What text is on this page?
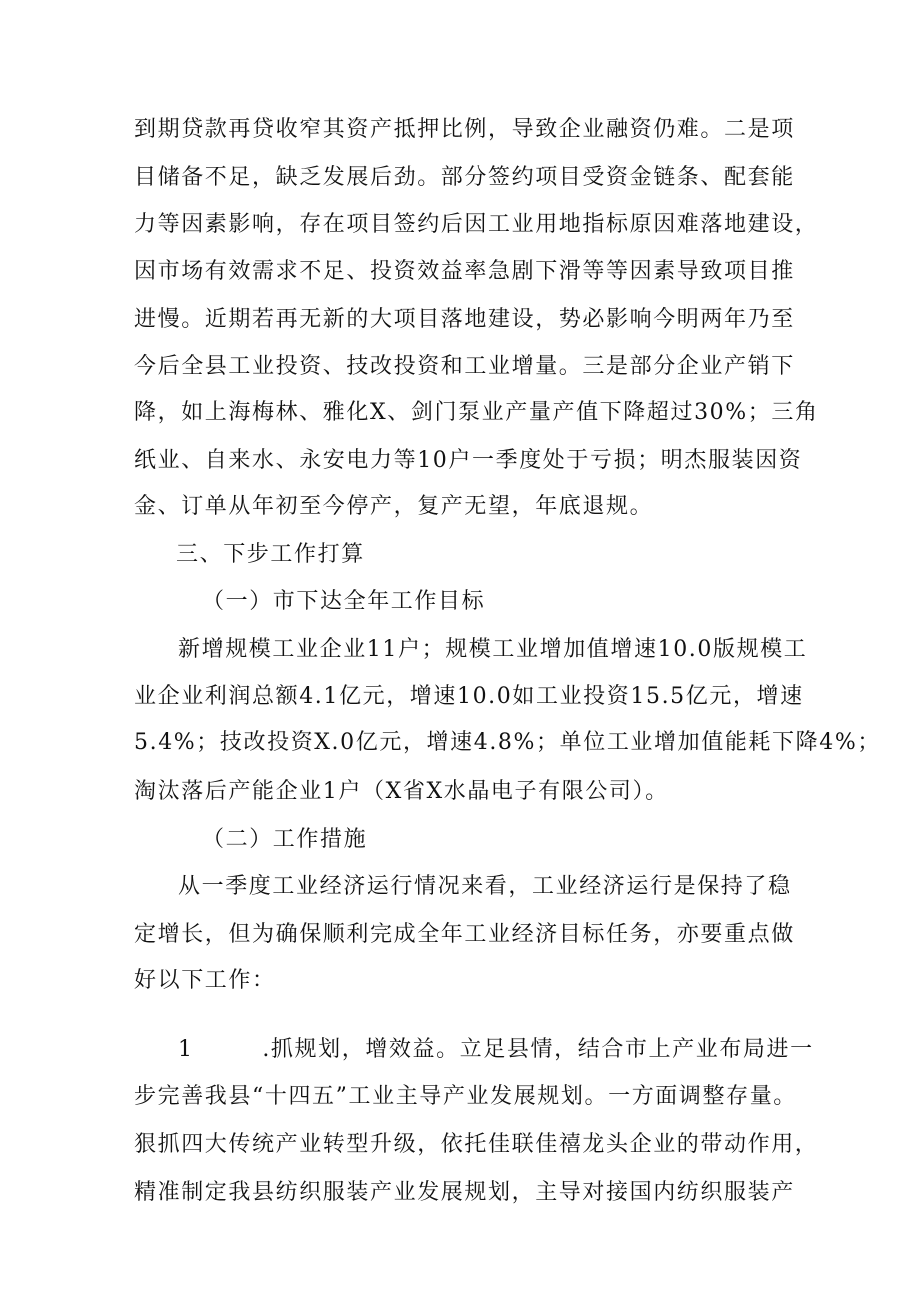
到期贷款再贷收窄其资产抵押比例，导致企业融资仍难。二是项
目储备不足，缺乏发展后劲。部分签约项目受资金链条、配套能
力等因素影响，存在项目签约后因工业用地指标原因难落地建设，
因市场有效需求不足、投资效益率急剧下滑等等因素导致项目推
进慢。近期若再无新的大项目落地建设，势必影响今明两年乃至
今后全县工业投资、技改投资和工业增量。三是部分企业产销下
降，如上海梅林、雅化X、剑门泵业产量产值下降超过30%；三角
纸业、自来水、永安电力等10户一季度处于亏损；明杰服装因资
金、订单从年初至今停产，复产无望，年底退规。
三、下步工作打算
（一）市下达全年工作目标
新增规模工业企业11户；规模工业增加值增速10.0版规模工
业企业利润总额4.1亿元，增速10.0如工业投资15.5亿元，增速
5.4%；技改投资X.0亿元，增速4.8%；单位工业增加值能耗下降4%；
淘汰落后产能企业1户（X省X水晶电子有限公司）。
（二）工作措施
从一季度工业经济运行情况来看，工业经济运行是保持了稳
定增长，但为确保顺利完成全年工业经济目标任务，亦要重点做
好以下工作：
1        .抓规划，增效益。立足县情，结合市上产业布局进一
步完善我县“十四五”工业主导产业发展规划。一方面调整存量。
狠抓四大传统产业转型升级，依托佳联佳禧龙头企业的带动作用，
精准制定我县纺织服装产业发展规划，主导对接国内纺织服装产
